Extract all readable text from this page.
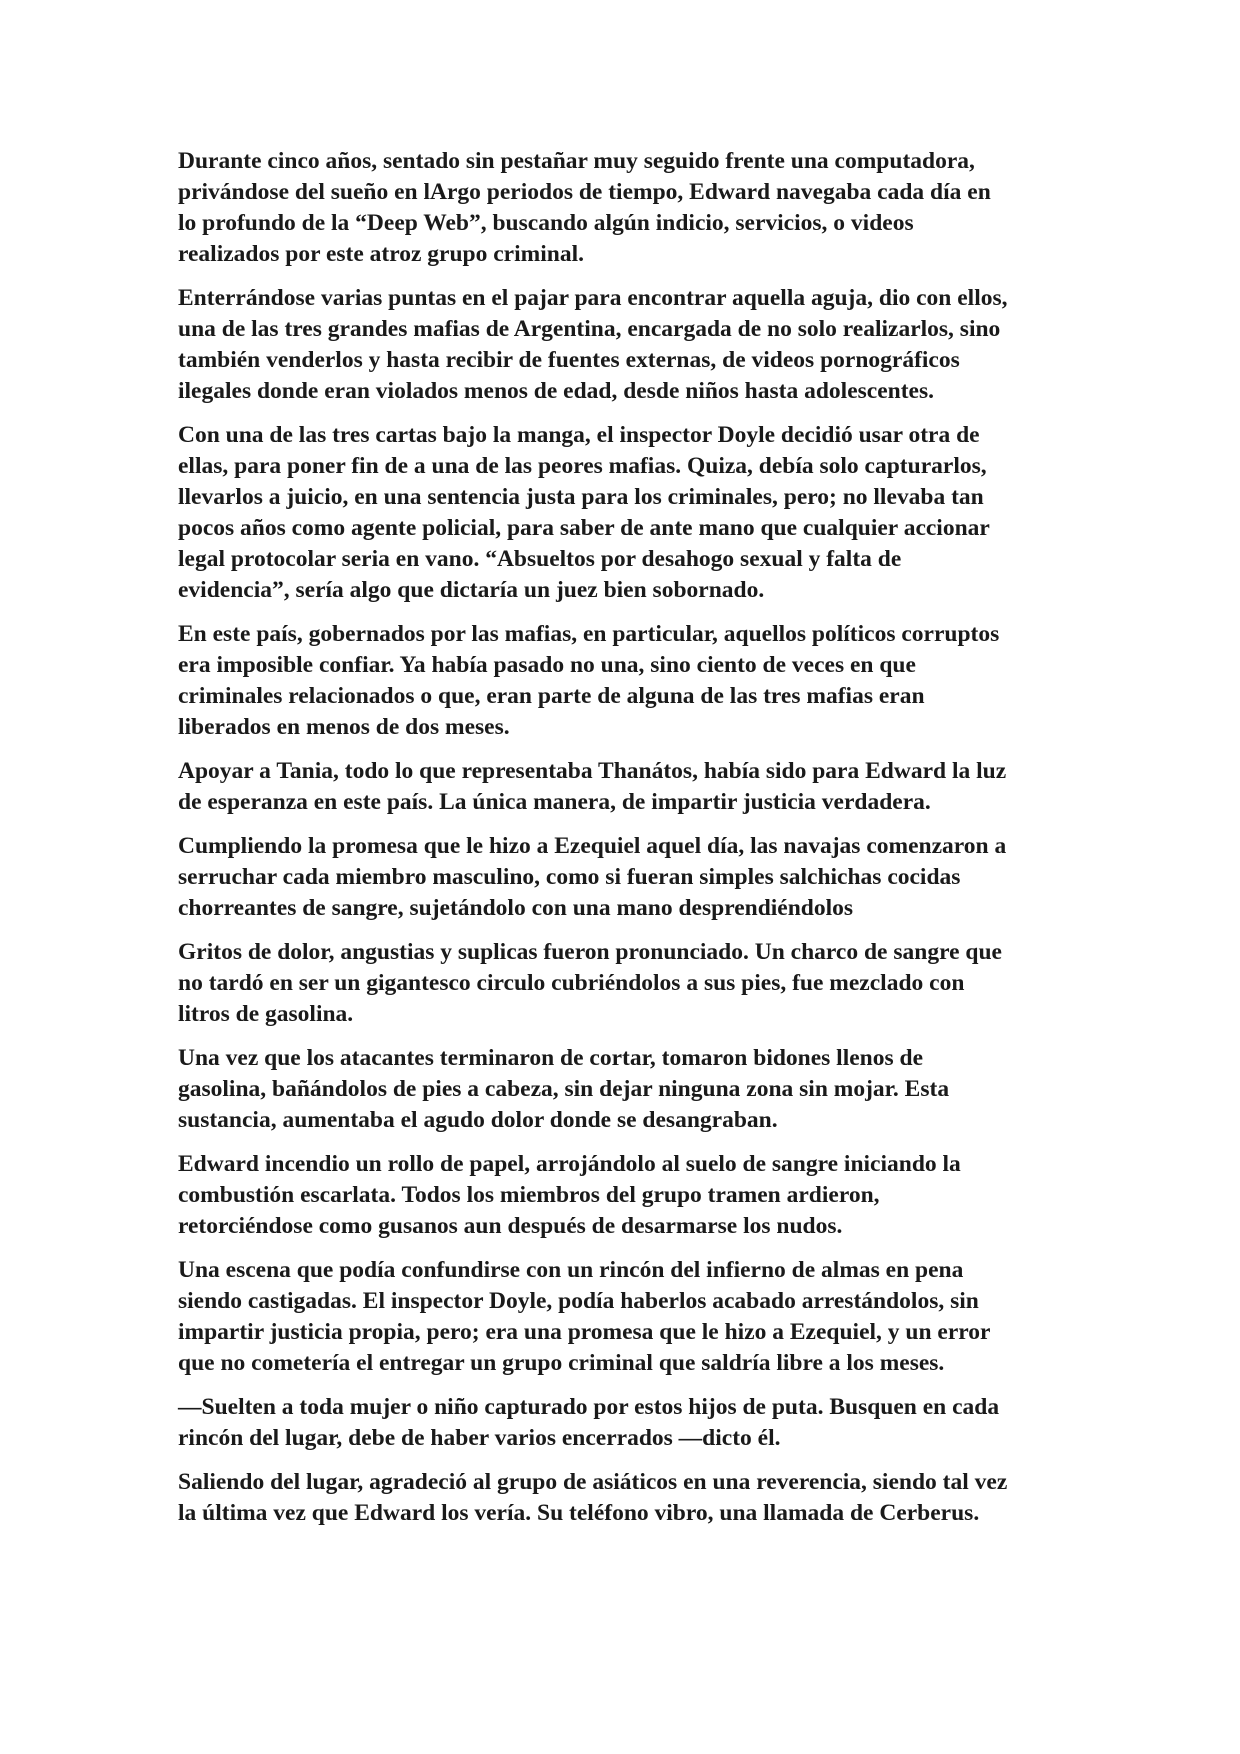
Durante cinco años, sentado sin pestañar muy seguido frente una computadora,
privándose del sueño en lArgo periodos de tiempo, Edward navegaba cada día en
lo profundo de la “Deep Web”, buscando algún indicio, servicios, o videos
realizados por este atroz grupo criminal.

Enterrándose varias puntas en el pajar para encontrar aquella aguja, dio con ellos,
una de las tres grandes mafias de Argentina, encargada de no solo realizarlos, sino
también venderlos y hasta recibir de fuentes externas, de videos pornográficos
ilegales donde eran violados menos de edad, desde niños hasta adolescentes.

Con una de las tres cartas bajo la manga, el inspector Doyle decidió usar otra de
ellas, para poner fin de a una de las peores mafias. Quiza, debía solo capturarlos,
llevarlos a juicio, en una sentencia justa para los criminales, pero; no llevaba tan
pocos años como agente policial, para saber de ante mano que cualquier accionar
legal protocolar seria en vano. “Absueltos por desahogo sexual y falta de
evidencia”, sería algo que dictaría un juez bien sobornado.

En este país, gobernados por las mafias, en particular, aquellos políticos corruptos
era imposible confiar. Ya había pasado no una, sino ciento de veces en que
criminales relacionados o que, eran parte de alguna de las tres mafias eran
liberados en menos de dos meses.

Apoyar a Tania, todo lo que representaba Thanátos, había sido para Edward la luz
de esperanza en este país. La única manera, de impartir justicia verdadera.

Cumpliendo la promesa que le hizo a Ezequiel aquel día, las navajas comenzaron a
serruchar cada miembro masculino, como si fueran simples salchichas cocidas
chorreantes de sangre, sujetándolo con una mano desprendiéndolos

Gritos de dolor, angustias y suplicas fueron pronunciado. Un charco de sangre que
no tardó en ser un gigantesco circulo cubriéndolos a sus pies, fue mezclado con
litros de gasolina.

Una vez que los atacantes terminaron de cortar, tomaron bidones llenos de
gasolina, bañándolos de pies a cabeza, sin dejar ninguna zona sin mojar. Esta
sustancia, aumentaba el agudo dolor donde se desangraban.

Edward incendio un rollo de papel, arrojándolo al suelo de sangre iniciando la
combustión escarlata. Todos los miembros del grupo tramen ardieron,
retorciéndose como gusanos aun después de desarmarse los nudos.

Una escena que podía confundirse con un rincón del infierno de almas en pena
siendo castigadas. El inspector Doyle, podía haberlos acabado arrestándolos, sin
impartir justicia propia, pero; era una promesa que le hizo a Ezequiel, y un error
que no cometería el entregar un grupo criminal que saldría libre a los meses.

—Suelten a toda mujer o niño capturado por estos hijos de puta. Busquen en cada
rincón del lugar, debe de haber varios encerrados —dicto él.

Saliendo del lugar, agradeció al grupo de asiáticos en una reverencia, siendo tal vez
la última vez que Edward los vería. Su teléfono vibro, una llamada de Cerberus.
